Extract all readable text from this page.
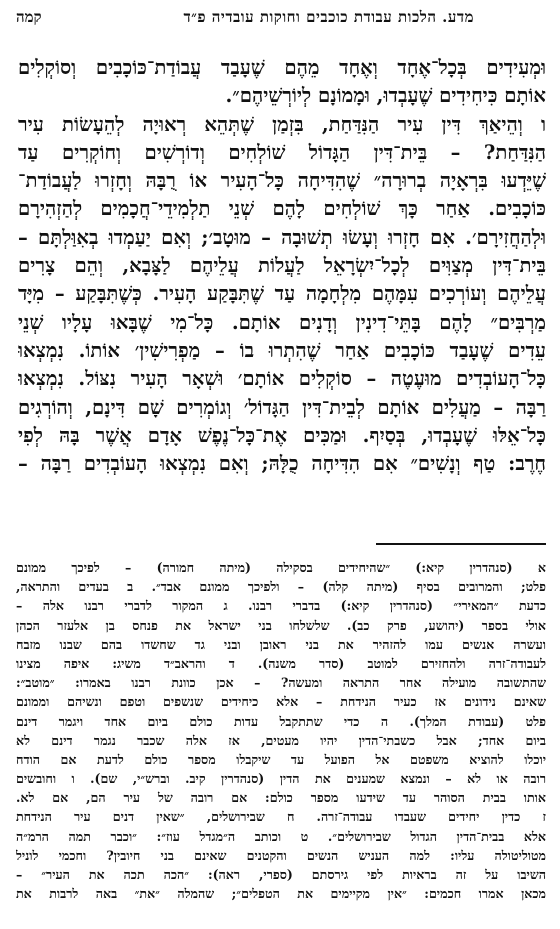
מדע. הלכות עבודת כוכבים וחוקות עובדיה פ״ד
קמה
וּמְעִידִים בְּכָל־אֶחָד וְאֶחָד מֵהֶם שֶׁעָבַד עֲבוֹדַת־כּוֹכָבִים וְסוֹקְלִים
אוֹתָם כִּיחִידִים שֶׁעָבְדוּ, וּמָמוֹנָם לְיוֹרְשֵׁיהֶם״.
ו וְהֵיאַךְ דִּין עִיר הַנִּדַּחַת, בִּזְמַן שֶׁתְּהֵא רְאוּיָה לְהֵעָשׂוֹת עִיר
הַנִּדַּחַת? – בֵּית־דִּין הַגָּדוֹל שׁוֹלְחִים וְדוֹרְשִׁים וְחוֹקְרִים עַד
שֶׁיֵּדְעוּ בִּרְאָיָה בְרוּרָה״ שֶׁהִדִּיחָה כָּל־הָעִיר אוֹ רֻבָּהּ וְחָזְרוּ לַעֲבוֹדַת־
כּוֹכָבִים. אַחַר כָּךְ שׁוֹלְחִים לָהֶם שְׁנֵי תַלְמִידֵי־חֲכָמִים לְהַזְהִירָם
וּלְהַחֲזִירָם׳. אִם חָזְרוּ וְעָשׂוּ תְשׁוּבָה – מוּטָב׳; וְאִם יַעַמְדוּ בְאִוַּלְתָּם –
בֵּית־דִּין מְצַוִּים לְכָל־יִשְׂרָאֵל לַעֲלוֹת עֲלֵיהֶם לַצָּבָא, וְהֵם צָרִים
עֲלֵיהֶם וְעוֹרְכִים עִמָּהֶם מִלְחָמָה עַד שֶׁתִּבָּקַע הָעִיר. כְּשֶׁתִּבָּקַע – מִיָּד
מַרְבִּים״ לָהֶם בָּתֵּי־דִינִין וְדָנִים אוֹתָם. כָּל־מִי שֶׁבָּאוּ עָלָיו שְׁנֵי
עֵדִים שֶׁעָבַד כּוֹכָבִים אַחַר שֶׁהִתְרוּ בוֹ – מַפְרִישִׁין׳ אוֹתוֹ. נִמְצְאוּ
כָּל־הָעוֹבְדִים מוּעֶטֶה – סוֹקְלִים אוֹתָם׳ וּשְׁאָר הָעִיר נִצּוֹל. נִמְצְאוּ
רַבָּה – מַעֲלִים אוֹתָם לְבֵית־דִּין הַגָּדוֹל׳ וְגוֹמְרִים שָׁם דִּינָם, וְהוֹרְגִים
כָּל־אֵלּוּ שֶׁעָבְדוּ, בְּסַיִף. וּמַכִּים אֶת־כָּל־נֶפֶשׁ אָדָם אֲשֶׁר בָּהּ לְפִי
חֶרֶב: טַף וְנָשִׁים״ אִם הִדִּיחָה כֻלָּהּ; וְאִם נִמְצְאוּ הָעוֹבְדִים רַבָּה –
א (סנהדרין קיא:) ״שהיחידים בסקילה (מיתה חמורה) – לפיכך ממונם
פלט; והמרובים בסיף (מיתה קלה) – ולפיכך ממונם אבד״. ב בעדים והתראה,
כדעת ״המאירי״ (סנהדרין קיא:) בדברי רבנו. ג המקור לדברי רבנו אלה –
אולי בספר (יהושע, פרק כב). שלשלחו בני ישראל את פנחס בן אלעזר הכהן
ועשרה אנשים עמו להזהיר את בני ראובן ובני גד שחשדו בהם שבנו מזבח
לעבודה־זרה ולהחזירם למוטב (סדר משנה). ד והראב״ד משיג: איפה מצינו
שהתשובה מועילה אחר התראה ומעשה? – אכן כוונת רבנו באמרו: ״מוטב״:
שאינם נידונים אז כעיר הנידחת – אלא כיחידים שנשפים וטפם ונשיהם וממונם
פלט (עבודת המלך). ה כדי שתתקבל עדות כולם ביום אחד ויגמר דינם
ביום אחד; אבל כשבתי־הדין יהיו מעטים, אז אלה שכבר נגמר דינם לא
יוכלו להוציא משפטם אל הפועל עד שיקבלו מספר כולם לדעת אם הודח
רובה או לא – ונמצא שמענים את הדין (סנהדרין קיב. וברש״י, שם). ו וחובשים
אותו בבית הסוהר עד שידעו מספר כולם: אם רובה של עיר הם, אם לא.
ז כדין יחידים שעבדו עבודה־זרה. ח שבירושלים, ״שאין דנים עיר הנידחת
אלא בבית־הדין הגדול שבירושלים״. ט וכותב ה״מגדל עוז״: ״וכבר תמה הרמ״ה
מטוליטולה עליו: למה העניש הנשים והקטנים שאינם בני חיובין? וחכמי לוניל
השיבו על זה בראיות לפי גירסתם (ספרי, ראה): ״הכה תכה את העיר״ –
מכאן אמרו חכמים: ״אין מקיימים את הטפלים״; שהמלה ״את״ באה לרבות את
